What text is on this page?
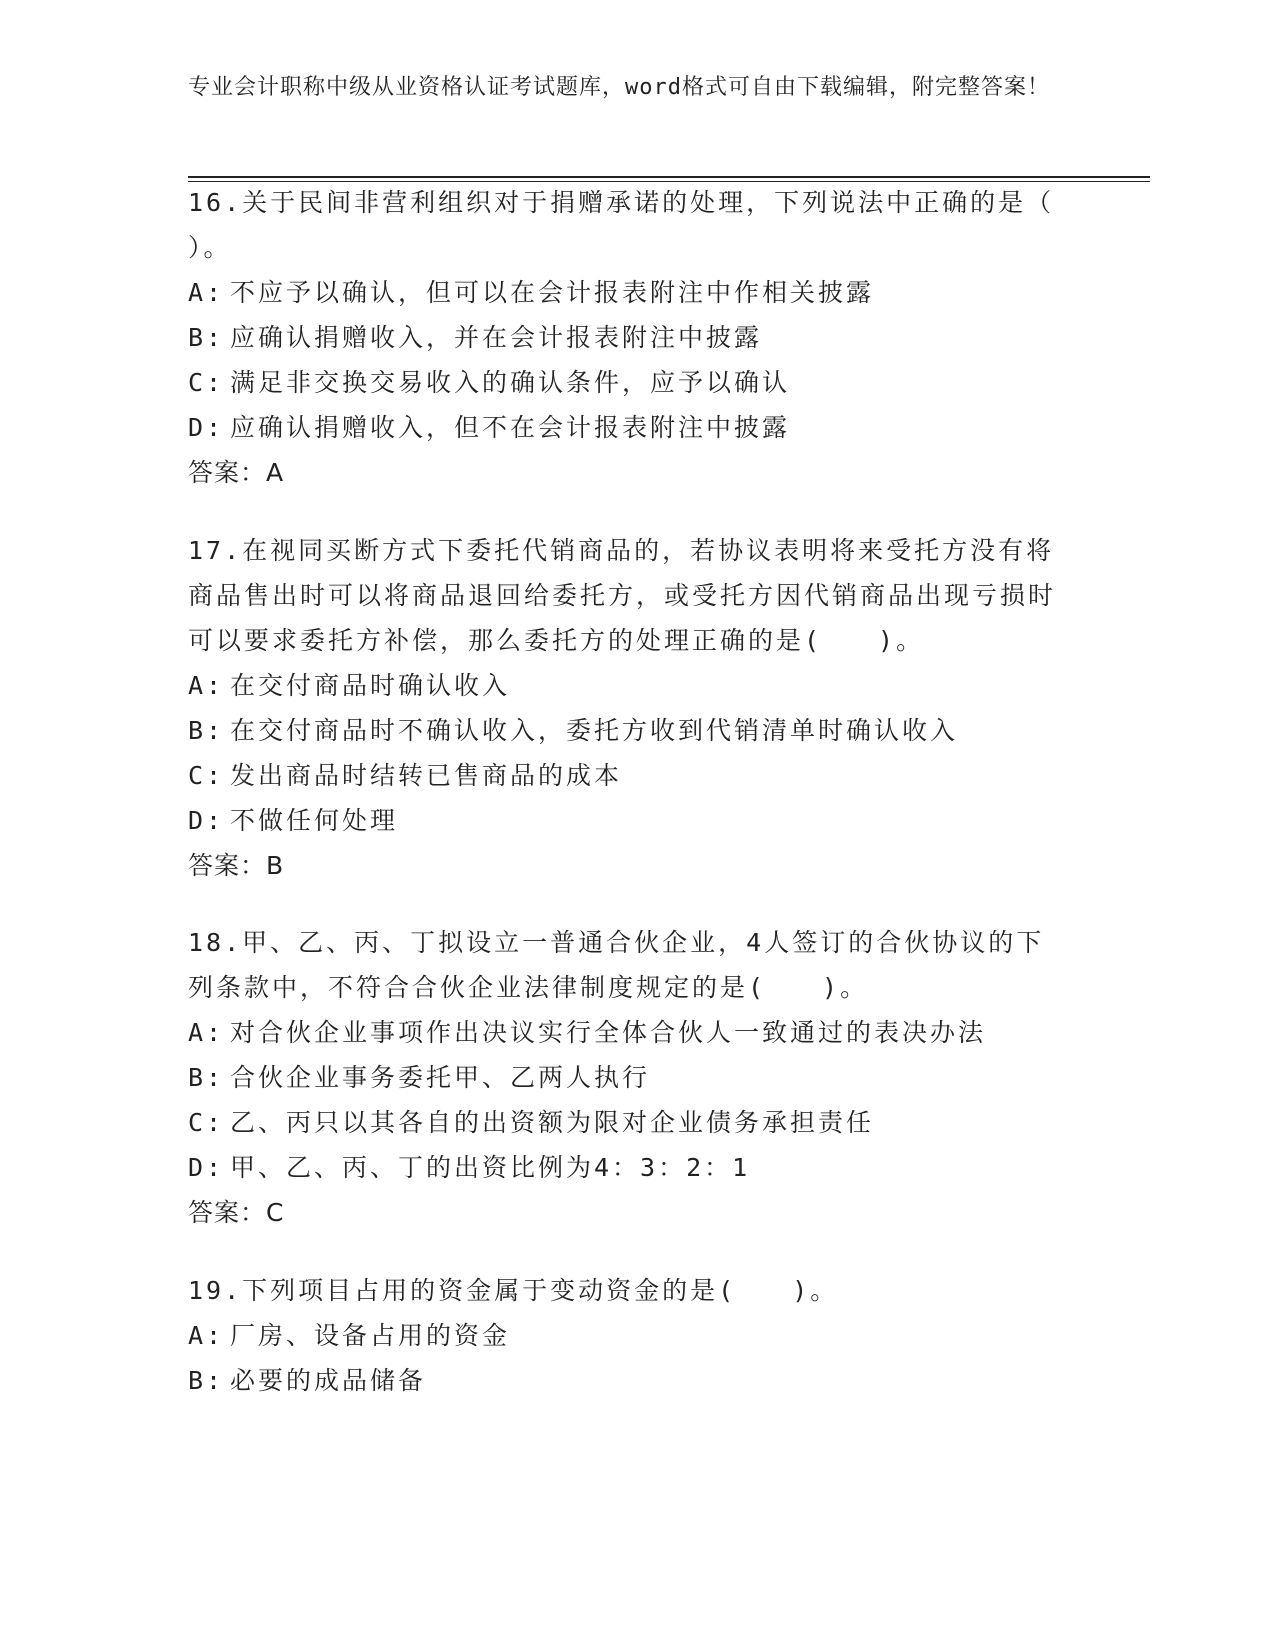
专业会计职称中级从业资格认证考试题库，word格式可自由下载编辑，附完整答案！
16.关于民间非营利组织对于捐赠承诺的处理，下列说法中正确的是（ ）。
A: 不应予以确认，但可以在会计报表附注中作相关披露
B: 应确认捐赠收入，并在会计报表附注中披露
C: 满足非交换交易收入的确认条件，应予以确认
D: 应确认捐赠收入，但不在会计报表附注中披露
答案：A
17.在视同买断方式下委托代销商品的，若协议表明将来受托方没有将商品售出时可以将商品退回给委托方，或受托方因代销商品出现亏损时可以要求委托方补偿，那么委托方的处理正确的是(　　)。
A: 在交付商品时确认收入
B: 在交付商品时不确认收入，委托方收到代销清单时确认收入
C: 发出商品时结转已售商品的成本
D: 不做任何处理
答案：B
18.甲、乙、丙、丁拟设立一普通合伙企业，4人签订的合伙协议的下列条款中，不符合合伙企业法律制度规定的是(　　)。
A: 对合伙企业事项作出决议实行全体合伙人一致通过的表决办法
B: 合伙企业事务委托甲、乙两人执行
C: 乙、丙只以其各自的出资额为限对企业债务承担责任
D: 甲、乙、丙、丁的出资比例为4：3：2：1
答案：C
19.下列项目占用的资金属于变动资金的是(　　)。
A: 厂房、设备占用的资金
B: 必要的成品储备
